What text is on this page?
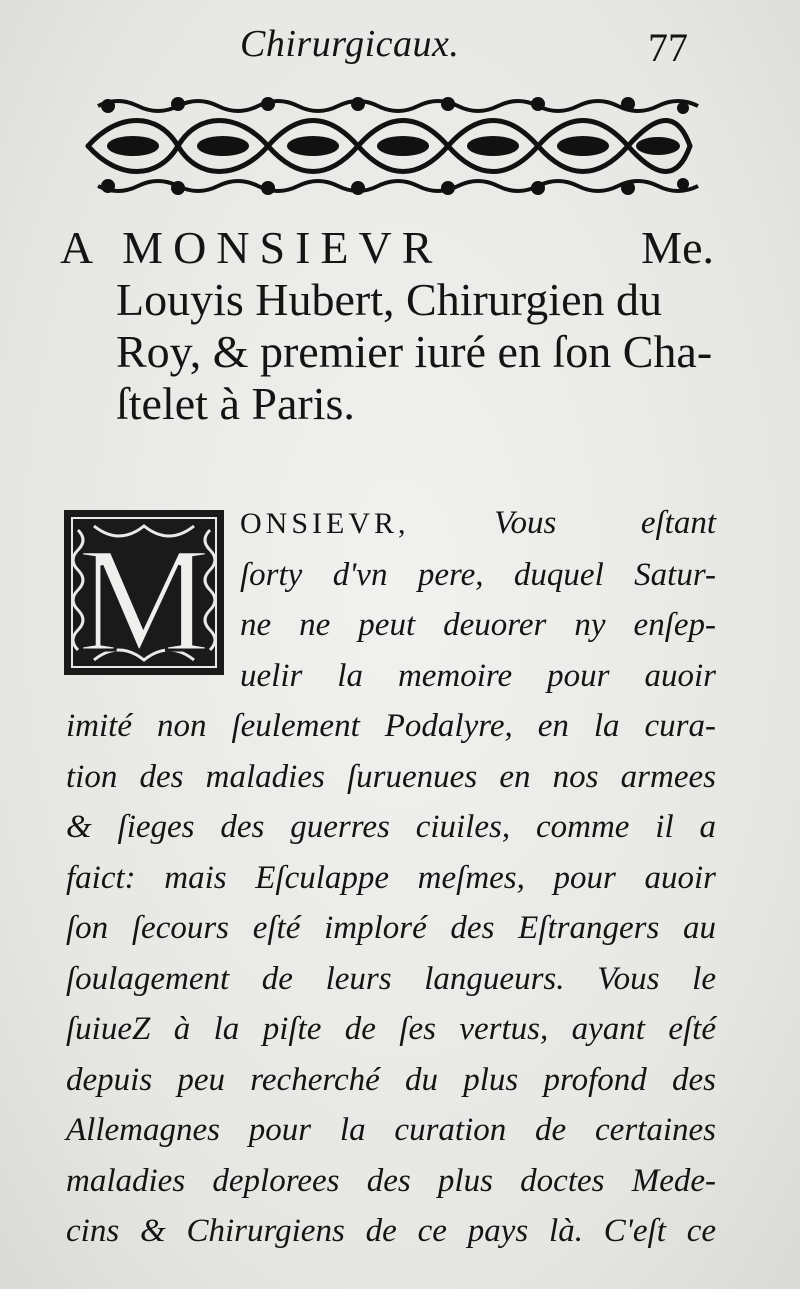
Chirurgicaux.	77
A MONSIEVR	Me.
Louyis Hubert, Chirurgien du
Roy, & premier iuré en ſon Cha-
ſtelet à Paris.
M ONSIEVR,	Vous eſtant
ſorty d'vn pere, duquel Satur-
ne ne peut deuorer ny enſep-
uelir la memoire pour auoir
imité non ſeulement Podalyre, en la cura-
tion des maladies ſuruenues en nos armees
& ſieges des guerres ciuiles, comme il a
faict: mais Eſculappe meſmes, pour auoir
ſon ſecours eſté imploré des Eſtrangers au
ſoulagement de leurs langueurs. Vous le
ſuiueZ à la piſte de ſes vertus, ayant eſté
depuis peu recherché du plus profond des
Allemagnes pour la curation de certaines
maladies deplorees des plus doctes Mede-
cins & Chirurgiens de ce pays là. C'eſt ce
